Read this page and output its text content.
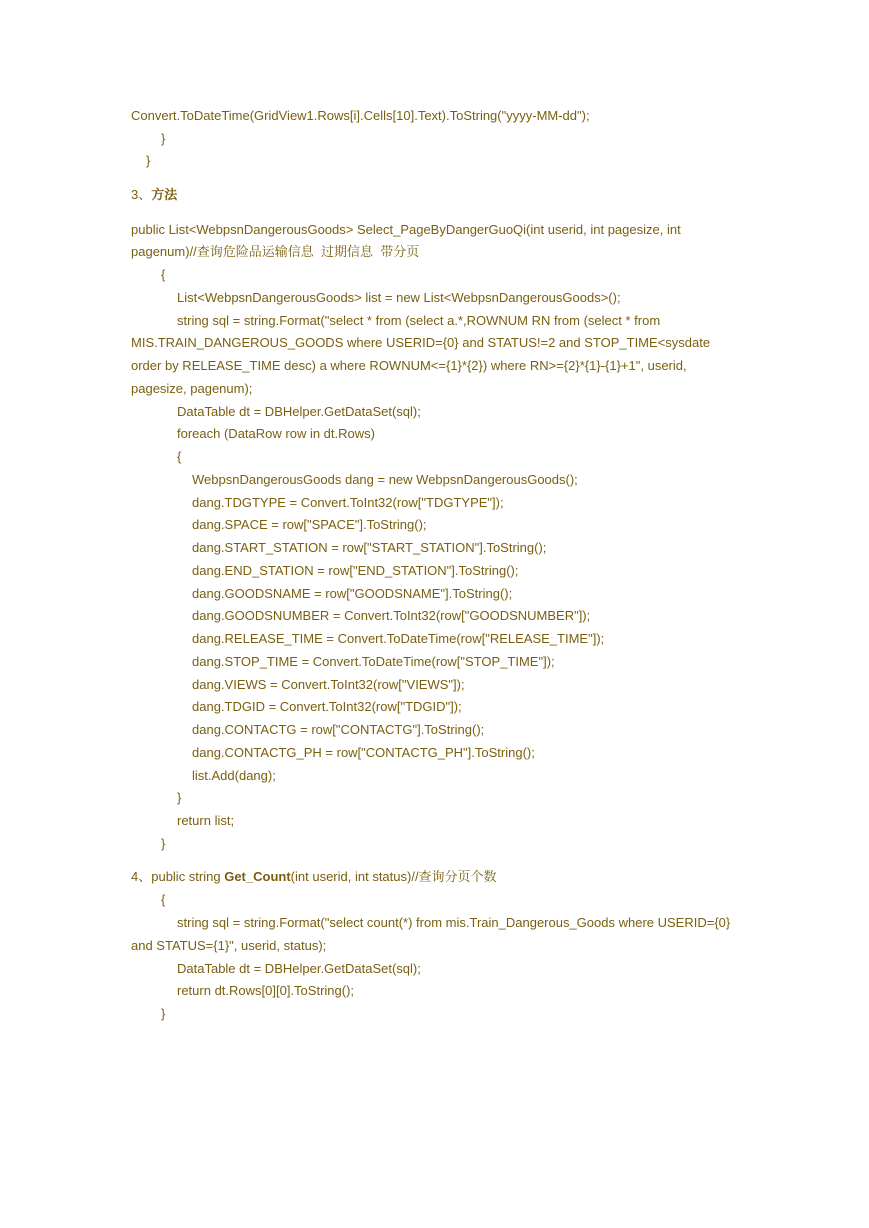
Convert.ToDateTime(GridView1.Rows[i].Cells[10].Text).ToString("yyyy-MM-dd");
}
}
3、方法
public List<WebpsnDangerousGoods> Select_PageByDangerGuoQi(int userid, int pagesize, int
pagenum)//查询危险品运输信息  过期信息  带分页
{
List<WebpsnDangerousGoods> list = new List<WebpsnDangerousGoods>();
string sql = string.Format("select * from (select a.*,ROWNUM RN from (select * from
MIS.TRAIN_DANGEROUS_GOODS where USERID={0} and STATUS!=2 and STOP_TIME<sysdate
order by RELEASE_TIME desc) a where ROWNUM<={1}*{2}) where RN>={2}*{1}-{1}+1", userid,
pagesize, pagenum);
DataTable dt = DBHelper.GetDataSet(sql);
foreach (DataRow row in dt.Rows)
{
WebpsnDangerousGoods dang = new WebpsnDangerousGoods();
dang.TDGTYPE = Convert.ToInt32(row["TDGTYPE"]);
dang.SPACE = row["SPACE"].ToString();
dang.START_STATION = row["START_STATION"].ToString();
dang.END_STATION = row["END_STATION"].ToString();
dang.GOODSNAME = row["GOODSNAME"].ToString();
dang.GOODSNUMBER = Convert.ToInt32(row["GOODSNUMBER"]);
dang.RELEASE_TIME = Convert.ToDateTime(row["RELEASE_TIME"]);
dang.STOP_TIME = Convert.ToDateTime(row["STOP_TIME"]);
dang.VIEWS = Convert.ToInt32(row["VIEWS"]);
dang.TDGID = Convert.ToInt32(row["TDGID"]);
dang.CONTACTG = row["CONTACTG"].ToString();
dang.CONTACTG_PH = row["CONTACTG_PH"].ToString();
list.Add(dang);
}
return list;
}
4、public string Get_Count(int userid, int status)//查询分页个数
{
string sql = string.Format("select count(*) from mis.Train_Dangerous_Goods where USERID={0}
and STATUS={1}", userid, status);
DataTable dt = DBHelper.GetDataSet(sql);
return dt.Rows[0][0].ToString();
}
